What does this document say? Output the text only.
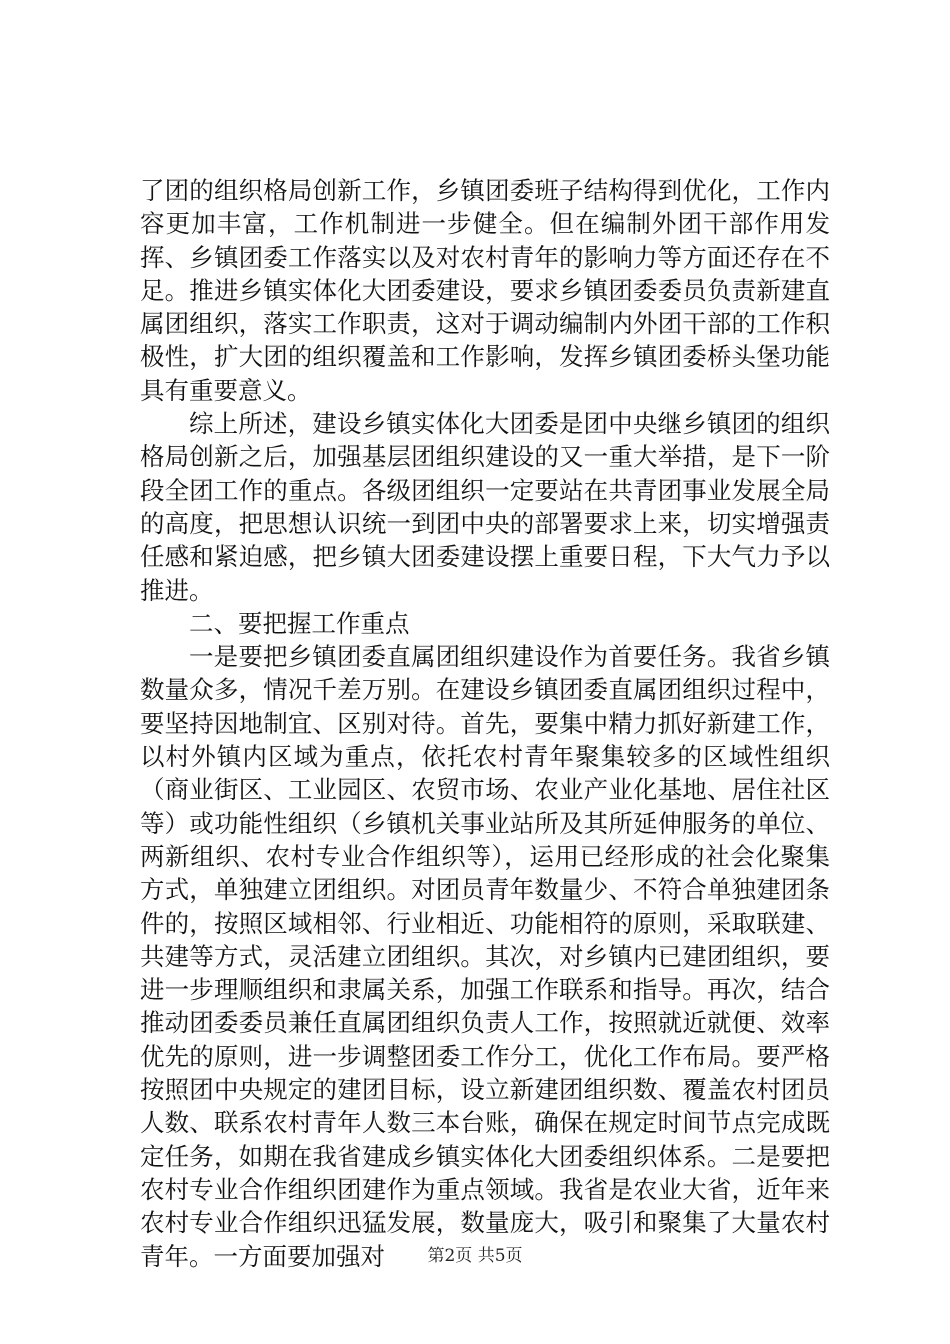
了团的组织格局创新工作，乡镇团委班子结构得到优化，工作内容更加丰富，工作机制进一步健全。但在编制外团干部作用发挥、乡镇团委工作落实以及对农村青年的影响力等方面还存在不足。推进乡镇实体化大团委建设，要求乡镇团委委员负责新建直属团组织，落实工作职责，这对于调动编制内外团干部的工作积极性，扩大团的组织覆盖和工作影响，发挥乡镇团委桥头堡功能具有重要意义。

综上所述，建设乡镇实体化大团委是团中央继乡镇团的组织格局创新之后，加强基层团组织建设的又一重大举措，是下一阶段全团工作的重点。各级团组织一定要站在共青团事业发展全局的高度，把思想认识统一到团中央的部署要求上来，切实增强责任感和紧迫感，把乡镇大团委建设摆上重要日程，下大气力予以推进。

二、要把握工作重点

一是要把乡镇团委直属团组织建设作为首要任务。我省乡镇数量众多，情况千差万别。在建设乡镇团委直属团组织过程中，要坚持因地制宜、区别对待。首先，要集中精力抓好新建工作，以村外镇内区域为重点，依托农村青年聚集较多的区域性组织（商业街区、工业园区、农贸市场、农业产业化基地、居住社区等）或功能性组织（乡镇机关事业站所及其所延伸服务的单位、两新组织、农村专业合作组织等），运用已经形成的社会化聚集方式，单独建立团组织。对团员青年数量少、不符合单独建团条件的，按照区域相邻、行业相近、功能相符的原则，采取联建、共建等方式，灵活建立团组织。其次，对乡镇内已建团组织，要进一步理顺组织和隶属关系，加强工作联系和指导。再次，结合推动团委委员兼任直属团组织负责人工作，按照就近就便、效率优先的原则，进一步调整团委工作分工，优化工作布局。要严格按照团中央规定的建团目标，设立新建团组织数、覆盖农村团员人数、联系农村青年人数三本台账，确保在规定时间节点完成既定任务，如期在我省建成乡镇实体化大团委组织体系。二是要把农村专业合作组织团建作为重点领域。我省是农业大省，近年来农村专业合作组织迅猛发展，数量庞大，吸引和聚集了大量农村青年。一方面要加强对	第2页 共5页
